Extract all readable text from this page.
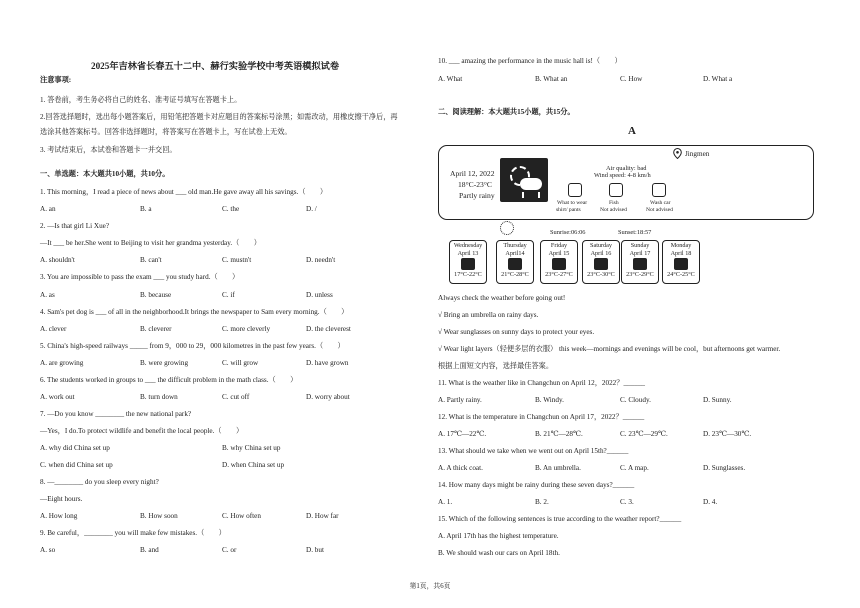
2025年吉林省长春五十二中、赫行实验学校中考英语模拟试卷
注意事项:
1. 答卷前，考生务必将自己的姓名、准考证号填写在答题卡上。
2.回答选择题时，选出每小题答案后，用铅笔把答题卡对应题目的答案标号涂黑；如需改动，用橡皮擦干净后，再
选涂其他答案标号。回答非选择题时，将答案写在答题卡上，写在试卷上无效。
3. 考试结束后，本试卷和答题卡一并交回。
一、单选题：本大题共10小题，共10分。
1. This morning，I read a piece of news about ___ old man.He gave away all his savings.（　　）
A. an	B. a	C. the	D. /
2. —Is that girl Li Xue?
—It ___ be her.She went to Beijing to visit her grandma yesterday.（　　）
A. shouldn't	B. can't	C. mustn't	D. needn't
3. You are impossible to pass the exam ___ you study hard.（　　）
A. as	B. because	C. if	D. unless
4. Sam's pet dog is ___ of all in the neighborhood.It brings the newspaper to Sam every morning.（　　）
A. clever	B. cleverer	C. more cleverly	D. the cleverest
5. China's high-speed railways _____ from 9，000 to 29，000 kilometres in the past few years.（　　）
A. are growing	B. were growing	C. will grow	D. have grown
6. The students worked in groups to ___ the difficult problem in the math class.（　　）
A. work out	B. turn down	C. cut off	D. worry about
7. —Do you know ________ the new national park?
—Yes，I do.To protect wildlife and benefit the local people.（　　）
A. why did China set up	B. why China set up
C. when did China set up	D. when China set up
8. —________ do you sleep every night?
—Eight hours.
A. How long	B. How soon	C. How often	D. How far
9. Be careful，________ you will make few mistakes.（　　）
A. so	B. and	C. or	D. but
10. ___ amazing the performance in the music hall is!（　　）
A. What	B. What an	C. How	D. What a
二、阅读理解：本大题共15小题，共15分。
A
April 12, 2022
18°C-23°C
Partly rainy
Jingmen
Air quality: bad
Wind speed: 4-8 km/h
What to wear
shirt/ pants
Fish
Not advised
Wash car
Not advised
Sunrise:06:06	Sunset:18:57
Wednesday
April 13
17°C-22°C
Thursday
April14
21°C-28°C
Friday
April 15
23°C-27°C
Saturday
April 16
23°C-30°C
Sunday
April 17
23°C-29°C
Monday
April 18
24°C-25°C
Always check the weather before going out!
√ Bring an umbrella on rainy days.
√ Wear sunglasses on sunny days to protect your eyes.
√ Wear light layers（轻便多层的衣服） this week—mornings and evenings will be cool，but afternoons get warmer.
根据上面短文内容，选择最佳答案。
11. What is the weather like in Changchun on April 12，2022？______
A. Partly rainy.	B. Windy.	C. Cloudy.	D. Sunny.
12. What is the temperature in Changchun on April 17，2022？______
A. 17℃—22℃.	B. 21℃—28℃.	C. 23℃—29℃.	D. 23℃—30℃.
13. What should we take when we went out on April 15th?______
A. A thick coat.	B. An umbrella.	C. A map.	D. Sunglasses.
14. How many days might be rainy during these seven days?______
A. 1.	B. 2.	C. 3.	D. 4.
15. Which of the following sentences is true according to the weather report?______
A. April 17th has the highest temperature.
B. We should wash our cars on April 18th.
第1页，共6页
